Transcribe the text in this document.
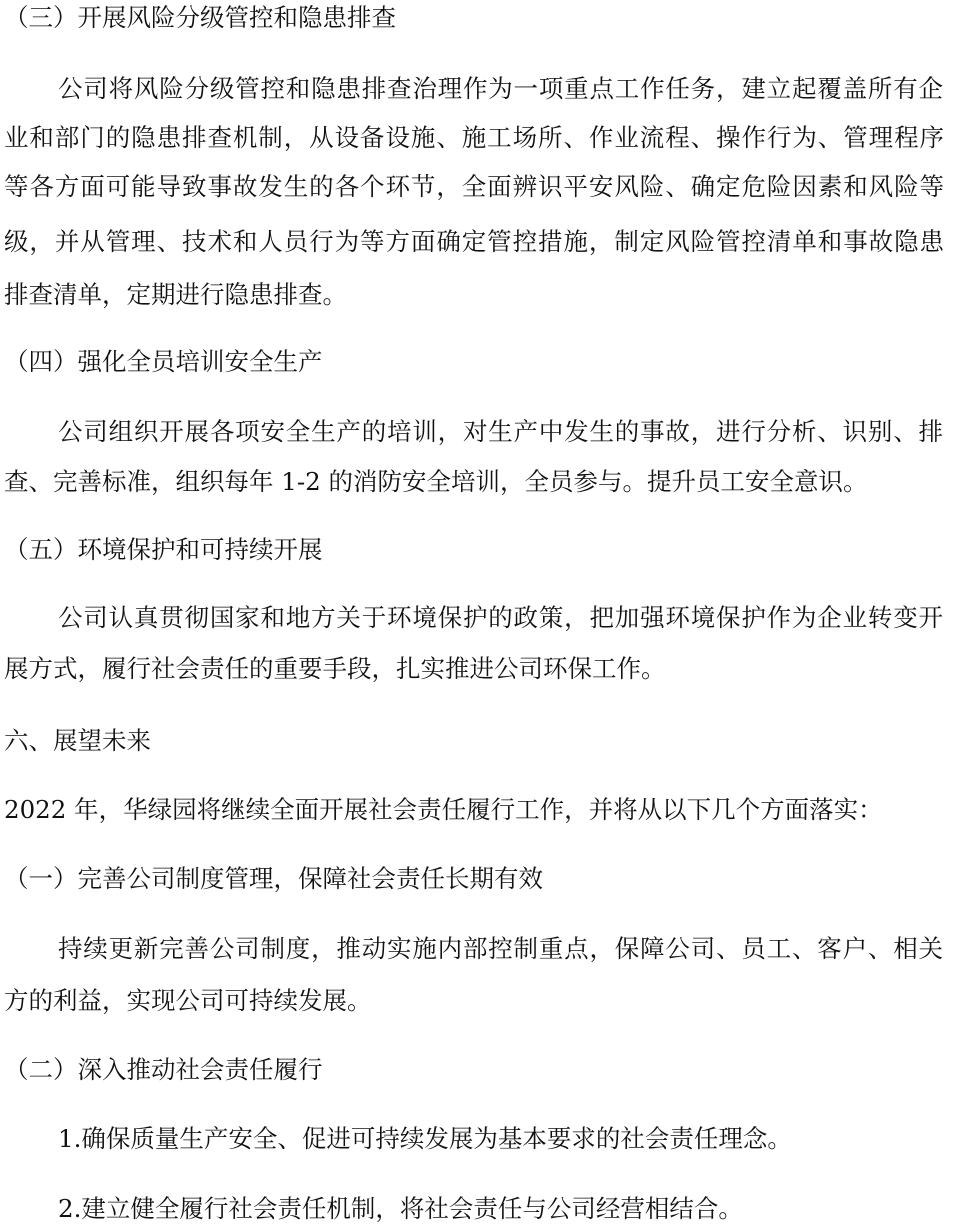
（三）开展风险分级管控和隐患排查
公司将风险分级管控和隐患排查治理作为一项重点工作任务，建立起覆盖所有企
业和部门的隐患排查机制，从设备设施、施工场所、作业流程、操作行为、管理程序
等各方面可能导致事故发生的各个环节，全面辨识平安风险、确定危险因素和风险等
级，并从管理、技术和人员行为等方面确定管控措施，制定风险管控清单和事故隐患
排查清单，定期进行隐患排查。
（四）强化全员培训安全生产
公司组织开展各项安全生产的培训，对生产中发生的事故，进行分析、识别、排
查、完善标准，组织每年 1-2 的消防安全培训，全员参与。提升员工安全意识。
（五）环境保护和可持续开展
公司认真贯彻国家和地方关于环境保护的政策，把加强环境保护作为企业转变开
展方式，履行社会责任的重要手段，扎实推进公司环保工作。
六、展望未来
2022 年，华绿园将继续全面开展社会责任履行工作，并将从以下几个方面落实：
（一）完善公司制度管理，保障社会责任长期有效
持续更新完善公司制度，推动实施内部控制重点，保障公司、员工、客户、相关
方的利益，实现公司可持续发展。
（二）深入推动社会责任履行
1.确保质量生产安全、促进可持续发展为基本要求的社会责任理念。
2.建立健全履行社会责任机制，将社会责任与公司经营相结合。
